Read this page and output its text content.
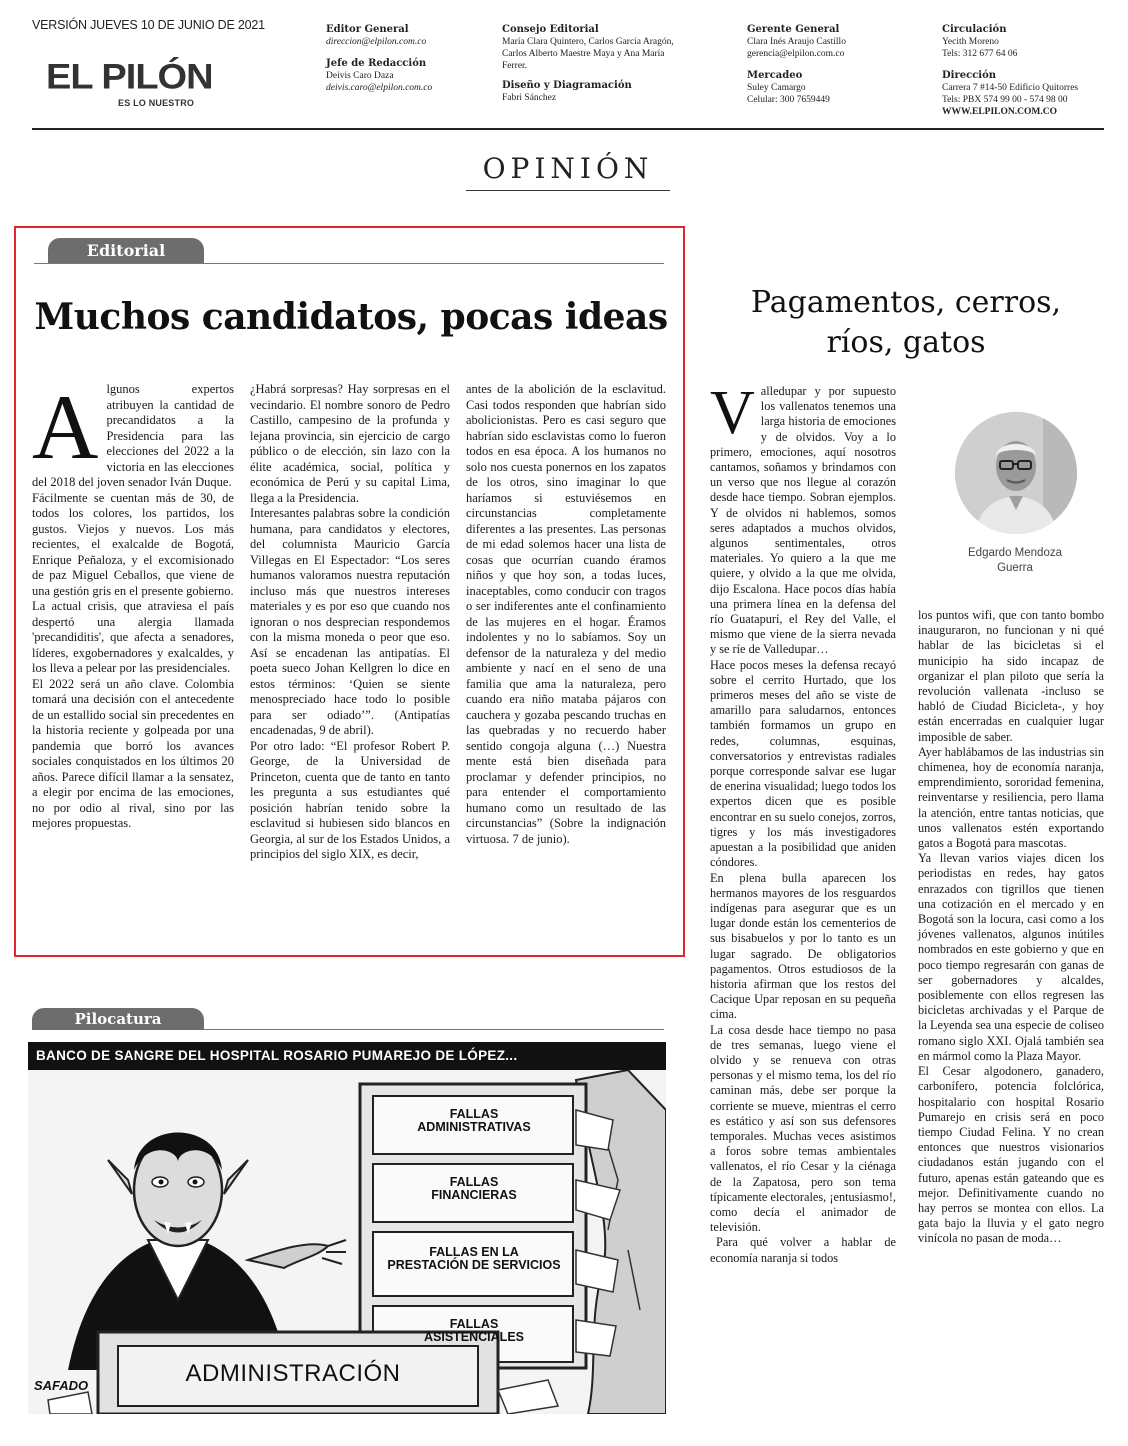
VERSIÓN JUEVES 10 DE JUNIO DE 2021
EL PILÓN
ES LO NUESTRO
Editor General
direccion@elpilon.com.co
Jefe de Redacción
Deivis Caro Daza
deivis.caro@elpilon.com.co
Consejo Editorial
María Clara Quintero, Carlos García Aragón,
Carlos Alberto Maestre Maya y Ana María
Ferrer.
Diseño y Diagramación
Fabri Sánchez
Gerente General
Clara Inés Araujo Castillo
gerencia@elpilon.com.co
Mercadeo
Suley Camargo
Celular: 300 7659449
Circulación
Yecith Moreno
Tels: 312 677 64 06
Dirección
Carrera 7 #14-50 Edificio Quitorres
Tels: PBX 574 99 00 - 574 98 00
WWW.ELPILON.COM.CO
OPINIÓN
Editorial
Muchos candidatos, pocas ideas
A lgunos expertos atribuyen la cantidad de precandidatos a la Presidencia para las elecciones del 2022 a la victoria en las elecciones del 2018 del joven senador Iván Duque.

Fácilmente se cuentan más de 30, de todos los colores, los partidos, los gustos. Viejos y nuevos. Los más recientes, el exalcalde de Bogotá, Enrique Peñaloza, y el excomisionado de paz Miguel Ceballos, que viene de una gestión gris en el presente gobierno.

La actual crisis, que atraviesa el país despertó una alergia llamada 'precandiditis', que afecta a senadores, líderes, exgobernadores y exalcaldes, y los lleva a pelear por las presidenciales.

El 2022 será un año clave. Colombia tomará una decisión con el antecedente de un estallido social sin precedentes en la historia reciente y golpeada por una pandemia que borró los avances sociales conquistados en los últimos 20 años. Parece difícil llamar a la sensatez, a elegir por encima de las emociones, no por odio al rival, sino por las mejores propuestas.

¿Habrá sorpresas? Hay sorpresas en el vecindario. El nombre sonoro de Pedro Castillo, campesino de la profunda y lejana provincia, sin ejercicio de cargo público o de elección, sin lazo con la élite académica, social, política y económica de Perú y su capital Lima, llega a la Presidencia.

Interesantes palabras sobre la condición humana, para candidatos y electores, del columnista Mauricio García Villegas en El Espectador: “Los seres humanos valoramos nuestra reputación incluso más que nuestros intereses materiales y es por eso que cuando nos ignoran o nos desprecian respondemos con la misma moneda o peor que eso. Así se encadenan las antipatías. El poeta sueco Johan Kellgren lo dice en estos términos: ‘Quien se siente menospreciado hace todo lo posible para ser odiado’”. (Antipatías encadenadas, 9 de abril).

Por otro lado: “El profesor Robert P. George, de la Universidad de Princeton, cuenta que de tanto en tanto les pregunta a sus estudiantes qué posición habrían tenido sobre la esclavitud si hubiesen sido blancos en Georgia, al sur de los Estados Unidos, a principios del siglo XIX, es decir,

antes de la abolición de la esclavitud. Casi todos responden que habrían sido abolicionistas. Pero es casi seguro que habrían sido esclavistas como lo fueron todos en esa época. A los humanos no solo nos cuesta ponernos en los zapatos de los otros, sino imaginar lo que haríamos si estuviésemos en circunstancias completamente diferentes a las presentes. Las personas de mi edad solemos hacer una lista de cosas que ocurrían cuando éramos niños y que hoy son, a todas luces, inaceptables, como conducir con tragos o ser indiferentes ante el confinamiento de las mujeres en el hogar. Éramos indolentes y no lo sabíamos. Soy un defensor de la naturaleza y del medio ambiente y nací en el seno de una familia que ama la naturaleza, pero cuando era niño mataba pájaros con cauchera y gozaba pescando truchas en las quebradas y no recuerdo haber sentido congoja alguna (…) Nuestra mente está bien diseñada para proclamar y defender principios, no para entender el comportamiento humano como un resultado de las circunstancias” (Sobre la indignación virtuosa. 7 de junio).

Pagamentos, cerros,
ríos, gatos
V alledupar y por supuesto los vallenatos tenemos una larga historia de emociones y de olvidos. Voy a lo primero, emociones, aquí nosotros cantamos, soñamos y brindamos con un verso que nos llegue al corazón desde hace tiempo. Sobran ejemplos. Y de olvidos ni hablemos, somos seres adaptados a muchos olvidos, algunos sentimentales, otros materiales. Yo quiero a la que me quiere, y olvido a la que me olvida, dijo Escalona. Hace pocos días había una primera línea en la defensa del río Guatapurí, el Rey del Valle, el mismo que viene de la sierra nevada y se ríe de Valledupar…

Hace pocos meses la defensa recayó sobre el cerrito Hurtado, que los primeros meses del año se viste de amarillo para saludarnos, entonces también formamos un grupo en redes, columnas, esquinas, conversatorios y entrevistas radiales porque corresponde salvar ese lugar de enerina visualidad; luego todos los expertos dicen que es posible encontrar en su suelo conejos, zorros, tigres y los más investigadores apuestan a la posibilidad que aniden cóndores.

En plena bulla aparecen los hermanos mayores de los resguardos indígenas para asegurar que es un lugar donde están los cementerios de sus bisabuelos y por lo tanto es un lugar sagrado. De obligatorios pagamentos. Otros estudiosos de la historia afirman que los restos del Cacique Upar reposan en su pequeña cima.

La cosa desde hace tiempo no pasa de tres semanas, luego viene el olvido y se renueva con otras personas y el mismo tema, los del río caminan más, debe ser porque la corriente se mueve, mientras el cerro es estático y así son sus defensores temporales. Muchas veces asistimos a foros sobre temas ambientales vallenatos, el río Cesar y la ciénaga de la Zapatosa, pero son tema típicamente electorales, ¡entusiasmo!, como decía el animador de televisión.

Para qué volver a hablar de economía naranja si todos

Edgardo Mendoza
Guerra

los puntos wifi, que con tanto bombo inauguraron, no funcionan y ni qué hablar de las bicicletas si el municipio ha sido incapaz de organizar el plan piloto que sería la revolución vallenata -incluso se habló de Ciudad Bicicleta-, y hoy están encerradas en cualquier lugar imposible de saber.

Ayer hablábamos de las industrias sin chimenea, hoy de economía naranja, emprendimiento, sororidad femenina, reinventarse y resiliencia, pero llama la atención, entre tantas noticias, que unos vallenatos estén exportando gatos a Bogotá para mascotas.

Ya llevan varios viajes dicen los periodistas en redes, hay gatos enrazados con tigrillos que tienen una cotización en el mercado y en Bogotá son la locura, casi como a los jóvenes vallenatos, algunos inútiles nombrados en este gobierno y que en poco tiempo regresarán con ganas de ser gobernadores y alcaldes, posiblemente con ellos regresen las bicicletas archivadas y el Parque de la Leyenda sea una especie de coliseo romano siglo XXI. Ojalá también sea en mármol como la Plaza Mayor.

El Cesar algodonero, ganadero, carbonífero, potencia folclórica, hospitalario con hospital Rosario Pumarejo en crisis será en poco tiempo Ciudad Felina. Y no crean entonces que nuestros visionarios ciudadanos están jugando con el futuro, apenas están gateando que es mejor. Definitivamente cuando no hay perros se montea con ellos. La gata bajo la lluvia y el gato negro vinícola no pasan de moda…

Pilocatura
BANCO DE SANGRE DEL HOSPITAL ROSARIO PUMAREJO DE LÓPEZ...
FALLAS
ADMINISTRATIVAS
FALLAS
FINANCIERAS
FALLAS EN LA
PRESTACIÓN DE SERVICIOS
FALLAS
ASISTENCIALES
ADMINISTRACIÓN
SAFADO
